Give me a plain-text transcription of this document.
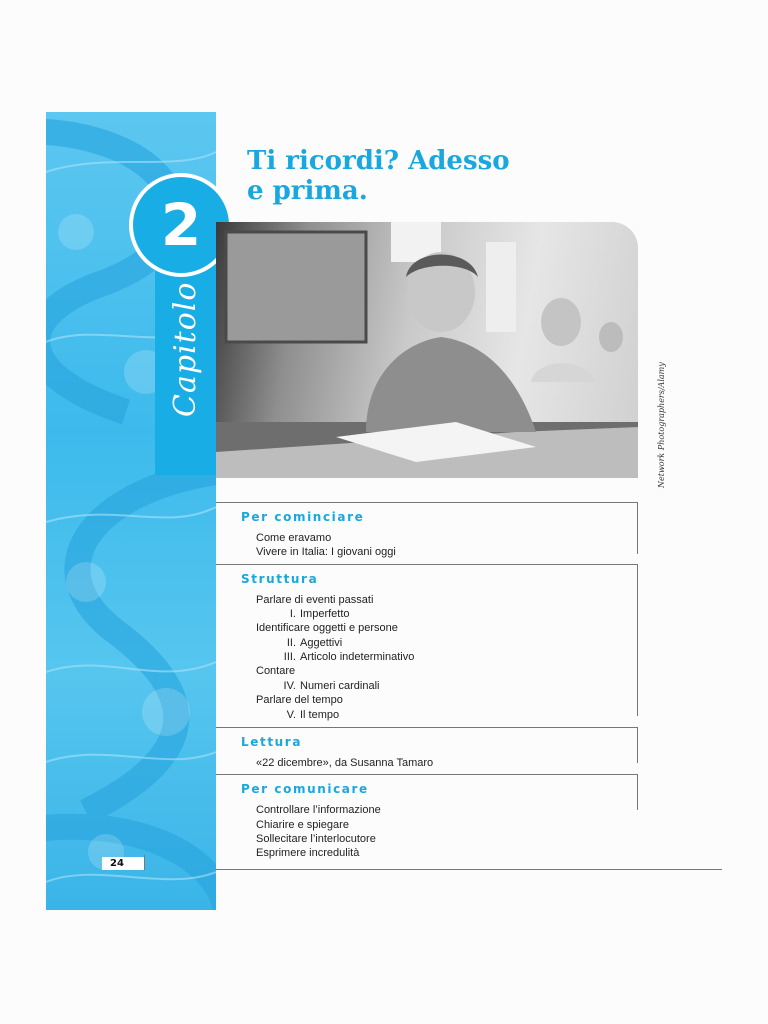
Capitolo
2
Ti ricordi? Adesso
e prima.
Network Photographers/Alamy
Per cominciare
Come eravamo
Vivere in Italia: I giovani oggi
Struttura
Parlare di eventi passati
I. Imperfetto
Identificare oggetti e persone
II. Aggettivi
III. Articolo indeterminativo
Contare
IV. Numeri cardinali
Parlare del tempo
V. Il tempo
Lettura
«22 dicembre», da Susanna Tamaro
Per comunicare
Controllare l’informazione
Chiarire e spiegare
Sollecitare l’interlocutore
Esprimere incredulità
24
